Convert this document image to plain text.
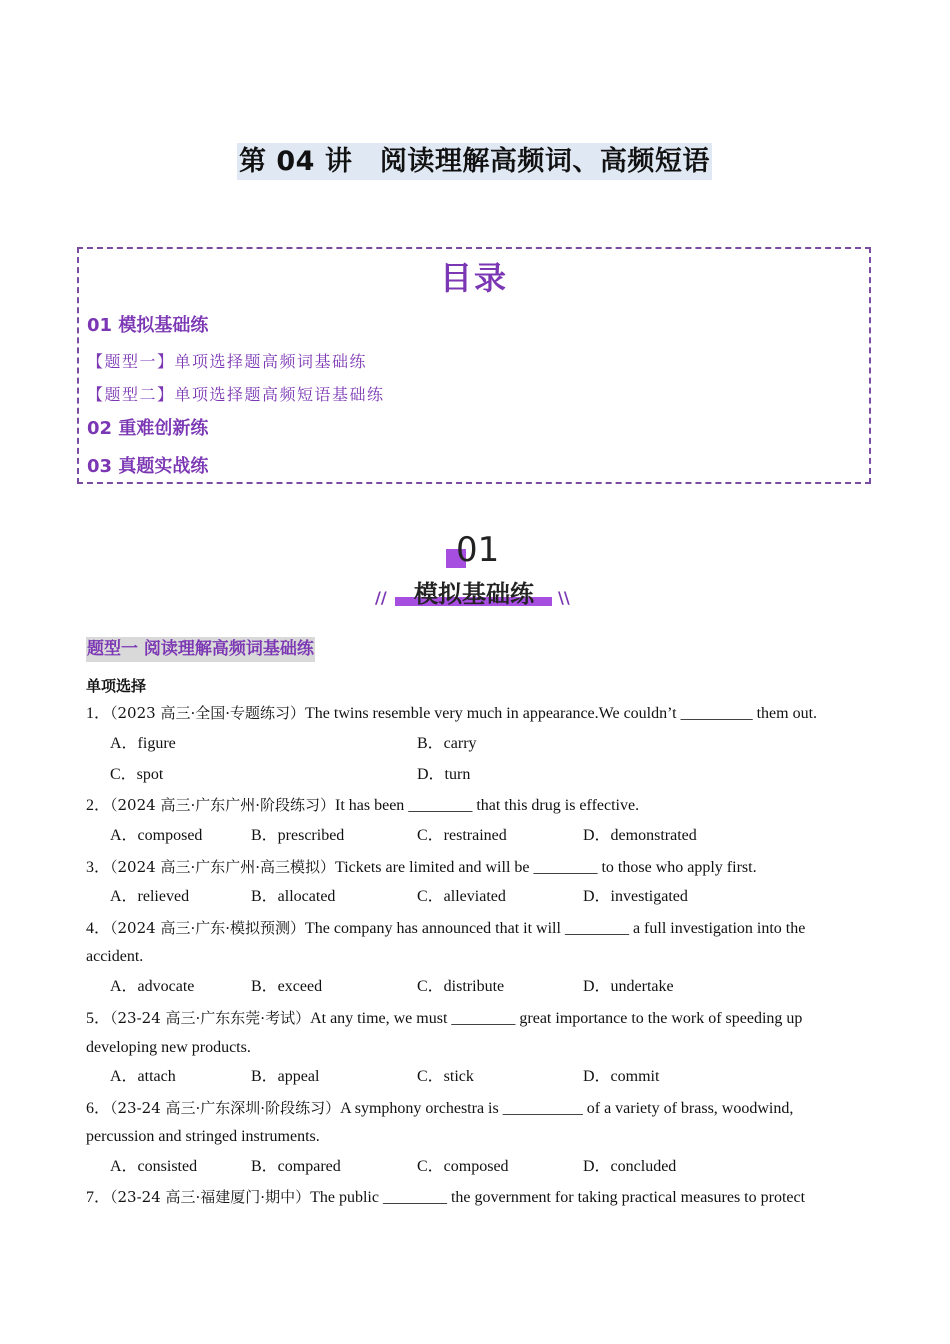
第 04 讲　阅读理解高频词、高频短语
目录
01 模拟基础练
【题型一】单项选择题高频词基础练
【题型二】单项选择题高频短语基础练
02 重难创新练
03 真题实战练
01
模拟基础练
//	\\
题型一 阅读理解高频词基础练
单项选择
1．（2023 高三·全国·专题练习）The twins resemble very much in appearance.We couldn’t _________ them out.
A．figure	B．carry
C．spot	D．turn
2．（2024 高三·广东广州·阶段练习）It has been ________ that this drug is effective.
A．composed	B．prescribed	C．restrained	D．demonstrated
3．（2024 高三·广东广州·高三模拟）Tickets are limited and will be ________ to those who apply first.
A．relieved	B．allocated	C．alleviated	D．investigated
4．（2024 高三·广东·模拟预测）The company has announced that it will ________ a full investigation into the
accident.
A．advocate	B．exceed	C．distribute	D．undertake
5．（23-24 高三·广东东莞·考试）At any time, we must ________ great importance to the work of speeding up
developing new products.
A．attach	B．appeal	C．stick	D．commit
6．（23-24 高三·广东深圳·阶段练习）A symphony orchestra is __________ of a variety of brass, woodwind,
percussion and stringed instruments.
A．consisted	B．compared	C．composed	D．concluded
7．（23-24 高三·福建厦门·期中）The public ________ the government for taking practical measures to protect
